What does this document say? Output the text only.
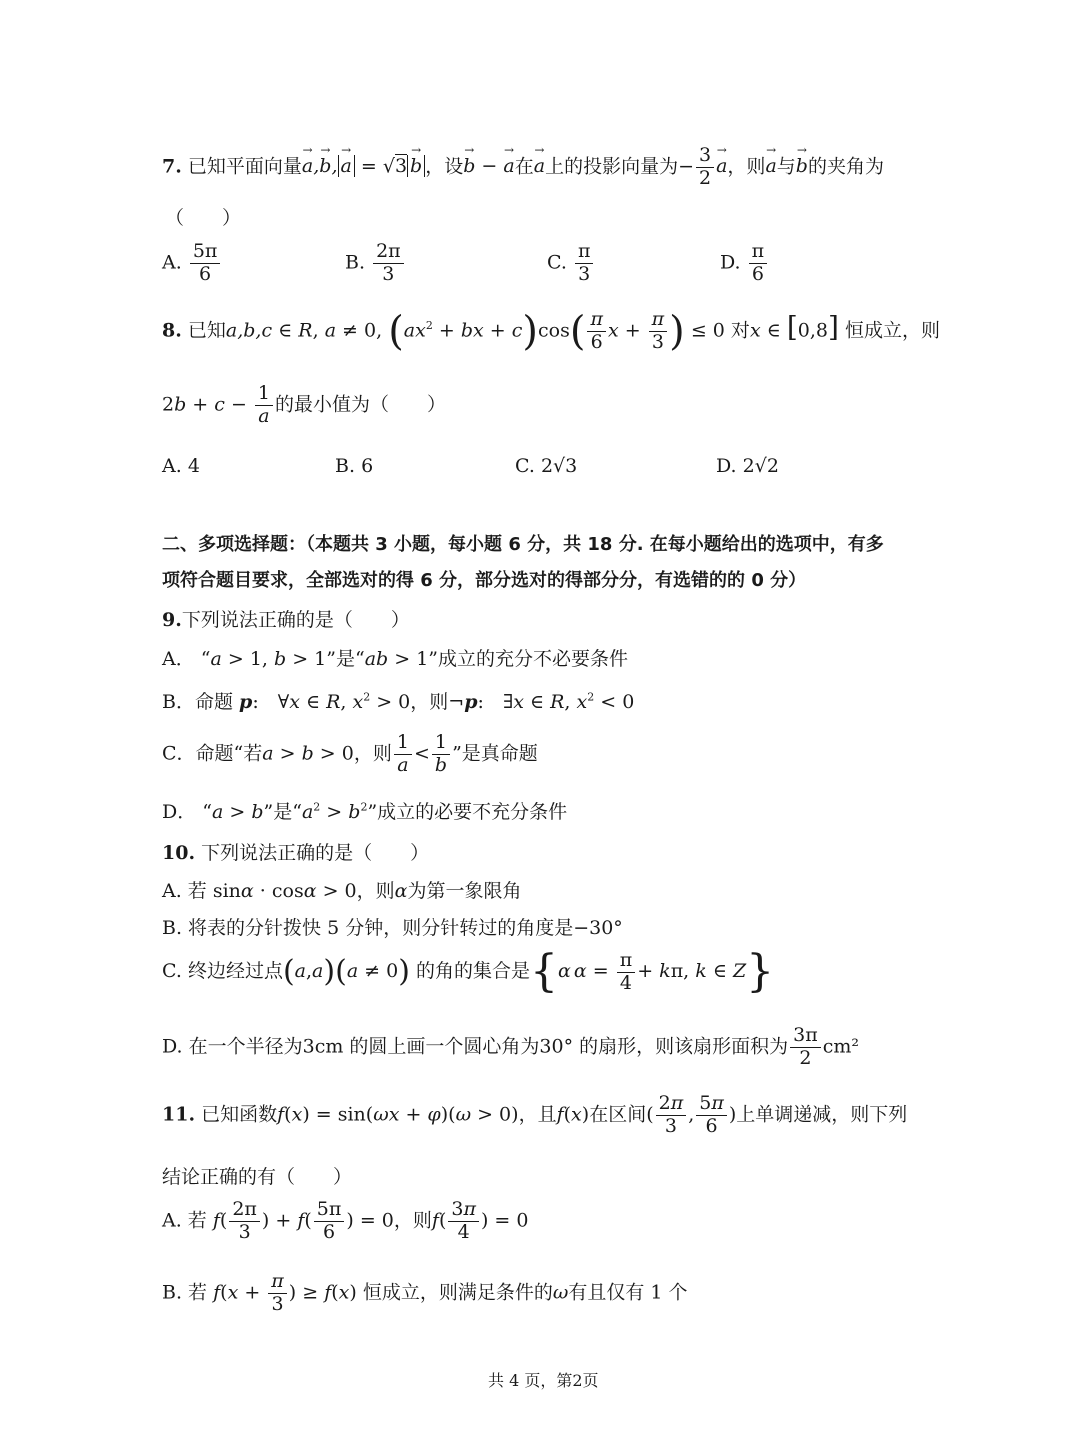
7. 已知平面向量→ a,→ b,→ a = √3→ b ，设→ b − → a在→ a上的投影向量为− $\frac{3}{2}$
→ a，则→ a与→ b的夹角为
（　　）
A. $\frac{5\pi}{6}$	B. $\frac{2\pi}{3}$	C. $\frac{\pi}{3}$	D. $\frac{\pi}{6}$
8. 已知a,b,c ∈ R, a ≠ 0, ($ax^2$ + bx + $c)\cos( \frac{\pi}{6}$ $x + \frac{\pi}{3}$ ) ≤ 0 对x ∈ [0,8] 恒成立，则
$2b + c - \frac{1}{a}$ 的最小值为（　　）
A. 4	B. 6	C. 2√3	D. 2√2
二、多项选择题：（本题共 3 小题，每小题 6 分，共 18 分. 在每小题给出的选项中，有多
项符合题目要求，全部选对的得 6 分，部分选对的得部分分，有选错的的 0 分）
9.下列说法正确的是（　　）
A． “a > 1, b > 1”是“ab > 1”成立的充分不必要条件
B．命题 p:　∀x ∈ R, $x^2 > 0$，则¬p:　∃x ∈ R, $x^2 < 0$
C．命题“若a > b > 0，则 $\frac{1}{a} < \frac{1}{b}$ ”是真命题
D． “a > b”是“$a^2 > b^2$”成立的必要不充分条件
10. 下列说法正确的是（　　）
A. 若 sinα · cosα > 0，则α为第一象限角
B. 将表的分针拨快 5 分钟，则分针转过的角度是−30°
C. 终边经过点(a,a)(a ≠ 0) 的角的集合是{α $\alpha = \frac{\pi}{4} + k\pi$, k ∈ Z}
D. 在一个半径为3cm 的圆上画一个圆心角为30° 的扇形，则该扇形面积为 $\frac{3\pi}{2} cm^2$
11. 已知函数f(x) = sin(ωx + φ)(ω > 0)，且f(x)在区间( $\frac{2\pi}{3}$ , $\frac{5\pi}{6}$ )上单调递减，则下列
结论正确的有（　　）
A. 若 $f( \frac{2\pi}{3}$ ) + $f( \frac{5\pi}{6}$ ) = 0，则$f( \frac{3\pi}{4}$ ) = 0
B. 若 $f(x + \frac{\pi}{3}$ ) ≥ f(x) 恒成立，则满足条件的ω有且仅有 1 个
共 4 页，第2页
